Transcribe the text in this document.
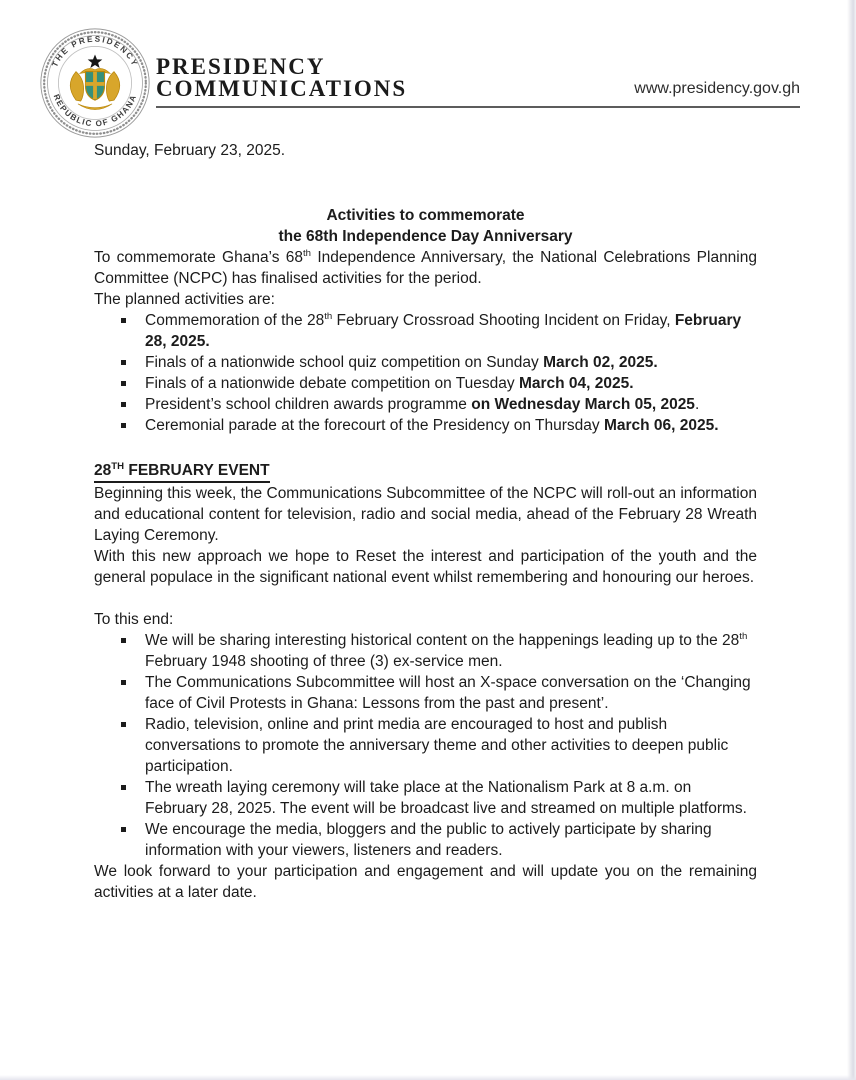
THE PRESIDENCY
REPUBLIC OF GHANA
PRESIDENCY
COMMUNICATIONS	www.presidency.gov.gh

Sunday, February 23, 2025.

Activities to commemorate
the 68th Independence Day Anniversary

To commemorate Ghana’s 68th Independence Anniversary, the National Celebrations Planning Committee (NCPC) has finalised activities for the period.

The planned activities are:

Commemoration of the 28th February Crossroad Shooting Incident on Friday, February 28, 2025.
Finals of a nationwide school quiz competition on Sunday March 02, 2025.
Finals of a nationwide debate competition on Tuesday March 04, 2025.
President’s school children awards programme on Wednesday March 05, 2025.
Ceremonial parade at the forecourt of the Presidency on Thursday March 06, 2025.
28TH FEBRUARY EVENT

Beginning this week, the Communications Subcommittee of the NCPC will roll-out an information and educational content for television, radio and social media, ahead of the February 28 Wreath Laying Ceremony.

With this new approach we hope to Reset the interest and participation of the youth and the general populace in the significant national event whilst remembering and honouring our heroes.

To this end:

We will be sharing interesting historical content on the happenings leading up to the 28th February 1948 shooting of three (3) ex-service men.
The Communications Subcommittee will host an X-space conversation on the ‘Changing face of Civil Protests in Ghana: Lessons from the past and present’.
Radio, television, online and print media are encouraged to host and publish conversations to promote the anniversary theme and other activities to deepen public participation.
The wreath laying ceremony will take place at the Nationalism Park at 8 a.m. on February 28, 2025. The event will be broadcast live and streamed on multiple platforms.
We encourage the media, bloggers and the public to actively participate by sharing information with your viewers, listeners and readers.

We look forward to your participation and engagement and will update you on the remaining activities at a later date.
